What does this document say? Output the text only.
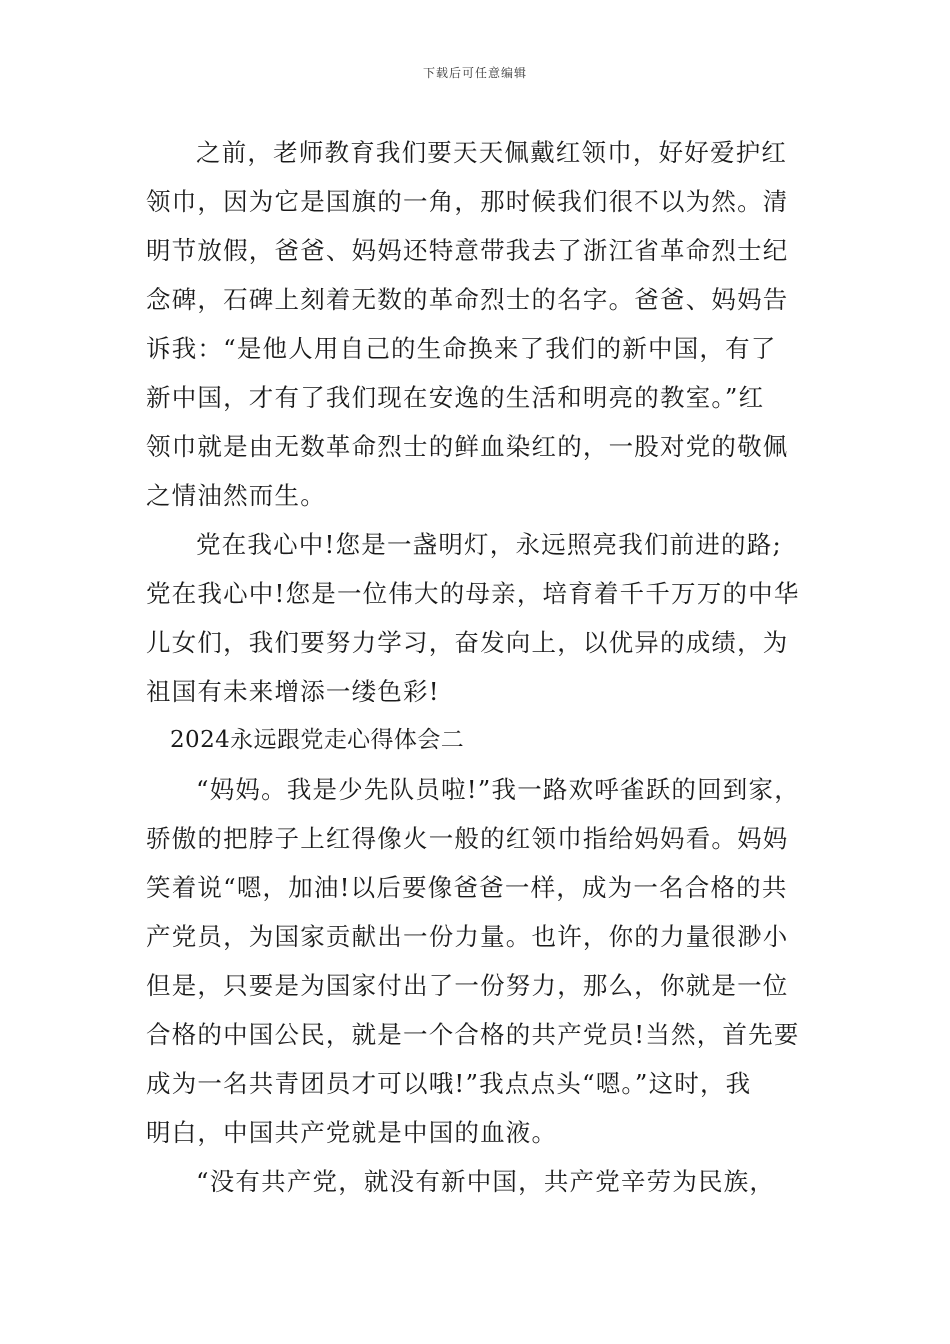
下载后可任意编辑

之前，老师教育我们要天天佩戴红领巾，好好爱护红

领巾，因为它是国旗的一角，那时候我们很不以为然。清

明节放假，爸爸、妈妈还特意带我去了浙江省革命烈士纪

念碑，石碑上刻着无数的革命烈士的名字。爸爸、妈妈告

诉我：“是他人用自己的生命换来了我们的新中国，有了

新中国，才有了我们现在安逸的生活和明亮的教室。”红

领巾就是由无数革命烈士的鲜血染红的，一股对党的敬佩

之情油然而生。

党在我心中!您是一盏明灯，永远照亮我们前进的路;

党在我心中!您是一位伟大的母亲，培育着千千万万的中华

儿女们，我们要努力学习，奋发向上，以优异的成绩，为

祖国有未来增添一缕色彩!

2024永远跟党走心得体会二

“妈妈。我是少先队员啦!”我一路欢呼雀跃的回到家，

骄傲的把脖子上红得像火一般的红领巾指给妈妈看。妈妈

笑着说“嗯，加油!以后要像爸爸一样，成为一名合格的共

产党员，为国家贡献出一份力量。也许，你的力量很渺小

但是，只要是为国家付出了一份努力，那么，你就是一位

合格的中国公民，就是一个合格的共产党员!当然，首先要

成为一名共青团员才可以哦!”我点点头“嗯。”这时，我

明白，中国共产党就是中国的血液。

“没有共产党，就没有新中国，共产党辛劳为民族，
